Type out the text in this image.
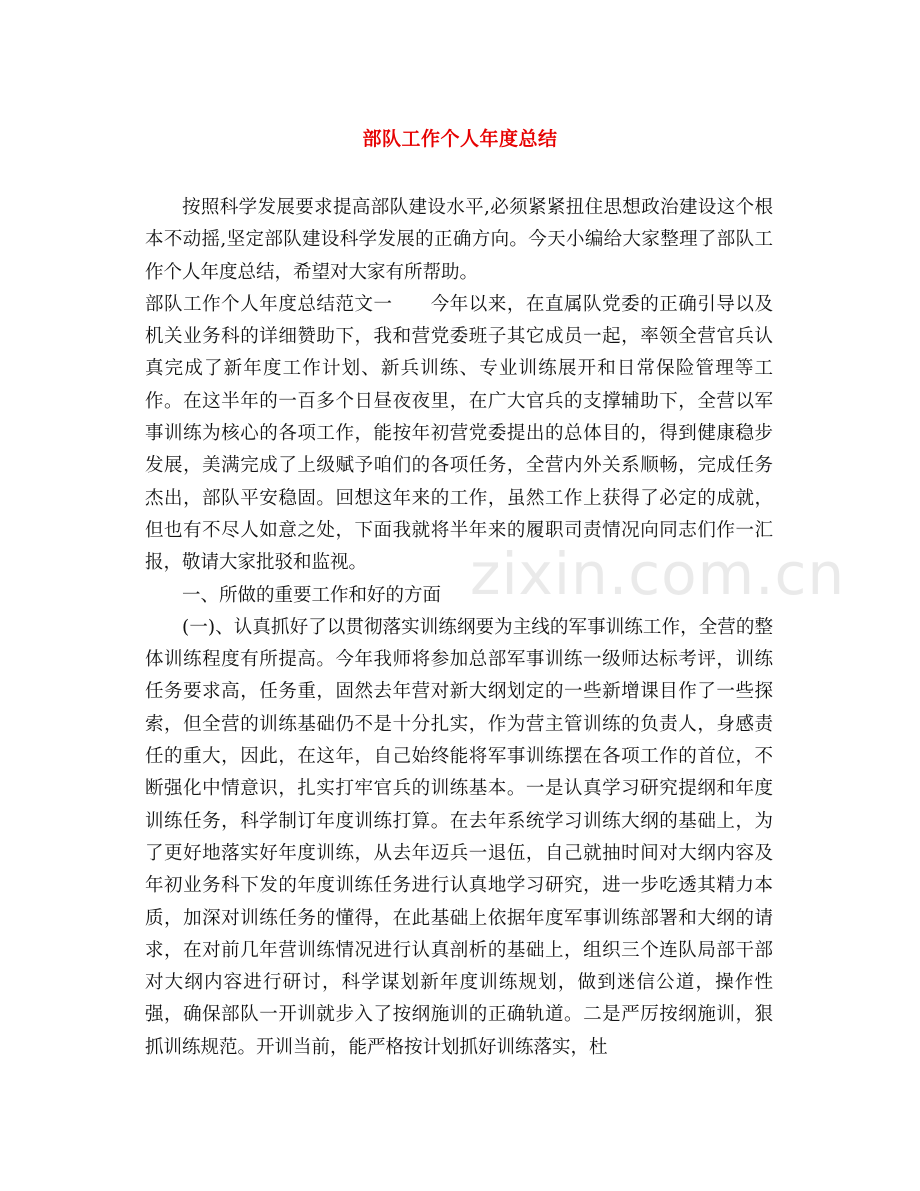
部队工作个人年度总结
zixin.com.cn

按照科学发展要求提高部队建设水平,必须紧紧扭住思想政治建设这个根本不动摇,坚定部队建设科学发展的正确方向。今天小编给大家整理了部队工作个人年度总结，希望对大家有所帮助。

部队工作个人年度总结范文一　　 今年以来，在直属队党委的正确引导以及机关业务科的详细赞助下，我和营党委班子其它成员一起，率领全营官兵认真完成了新年度工作计划、新兵训练、专业训练展开和日常保险管理等工作。在这半年的一百多个日昼夜夜里，在广大官兵的支撑辅助下，全营以军事训练为核心的各项工作，能按年初营党委提出的总体目的，得到健康稳步发展，美满完成了上级赋予咱们的各项任务，全营内外关系顺畅，完成任务杰出，部队平安稳固。回想这年来的工作，虽然工作上获得了必定的成就，但也有不尽人如意之处，下面我就将半年来的履职司责情况向同志们作一汇报，敬请大家批驳和监视。

一、所做的重要工作和好的方面

(一)、认真抓好了以贯彻落实训练纲要为主线的军事训练工作，全营的整体训练程度有所提高。今年我师将参加总部军事训练一级师达标考评，训练任务要求高，任务重，固然去年营对新大纲划定的一些新增课目作了一些探索，但全营的训练基础仍不是十分扎实，作为营主管训练的负责人，身感责任的重大，因此，在这年，自己始终能将军事训练摆在各项工作的首位，不断强化中情意识，扎实打牢官兵的训练基本。一是认真学习研究提纲和年度训练任务，科学制订年度训练打算。在去年系统学习训练大纲的基础上，为了更好地落实好年度训练，从去年迈兵一退伍，自己就抽时间对大纲内容及年初业务科下发的年度训练任务进行认真地学习研究，进一步吃透其精力本质，加深对训练任务的懂得，在此基础上依据年度军事训练部署和大纲的请求，在对前几年营训练情况进行认真剖析的基础上，组织三个连队局部干部对大纲内容进行研讨，科学谋划新年度训练规划，做到迷信公道，操作性强，确保部队一开训就步入了按纲施训的正确轨道。二是严厉按纲施训，狠抓训练规范。开训当前，能严格按计划抓好训练落实，杜
